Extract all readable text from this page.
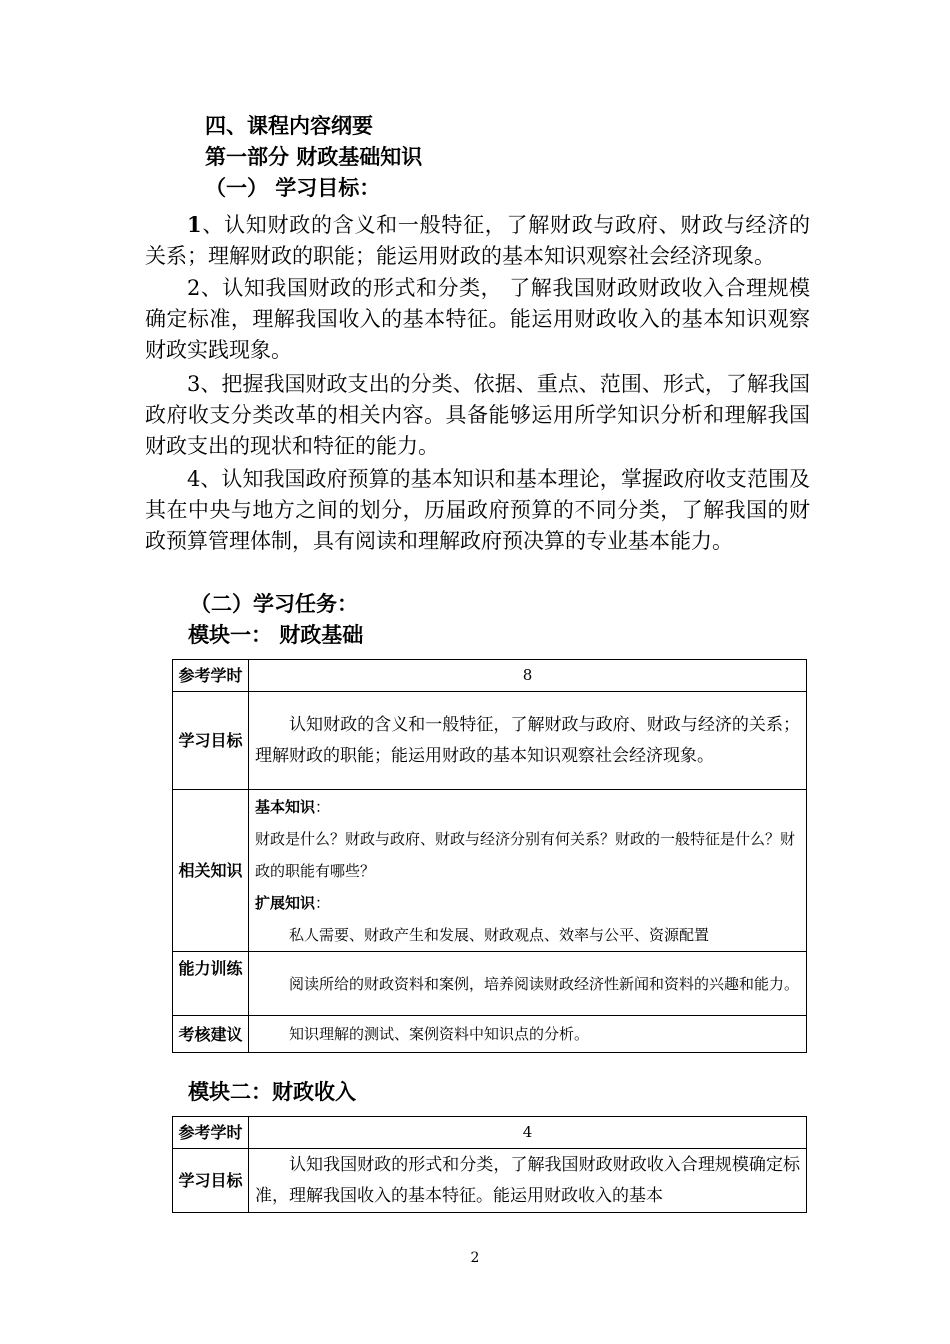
四、课程内容纲要
第一部分 财政基础知识
（一） 学习目标：

1、认知财政的含义和一般特征，了解财政与政府、财政与经济的关系；理解财政的职能；能运用财政的基本知识观察社会经济现象。

2、认知我国财政的形式和分类， 了解我国财政财政收入合理规模确定标准，理解我国收入的基本特征。能运用财政收入的基本知识观察财政实践现象。

3、把握我国财政支出的分类、依据、重点、范围、形式，了解我国政府收支分类改革的相关内容。具备能够运用所学知识分析和理解我国财政支出的现状和特征的能力。

4、认知我国政府预算的基本知识和基本理论，掌握政府收支范围及其在中央与地方之间的划分，历届政府预算的不同分类，了解我国的财政预算管理体制，具有阅读和理解政府预决算的专业基本能力。

（二）学习任务：
模块一： 财政基础
参考学时	8
学习目标	认知财政的含义和一般特征，了解财政与政府、财政与经济的关系；理解财政的职能；能运用财政的基本知识观察社会经济现象。
相关知识	基本知识：
财政是什么？财政与政府、财政与经济分别有何关系？财政的一般特征是什么？财政的职能有哪些？
扩展知识：
私人需要、财政产生和发展、财政观点、效率与公平、资源配置

能力训练	阅读所给的财政资料和案例，培养阅读财政经济性新闻和资料的兴趣和能力。
考核建议	知识理解的测试、案例资料中知识点的分析。
模块二：财政收入
参考学时	4
学习目标	认知我国财政的形式和分类，了解我国财政财政收入合理规模确定标准，理解我国收入的基本特征。能运用财政收入的基本
2
